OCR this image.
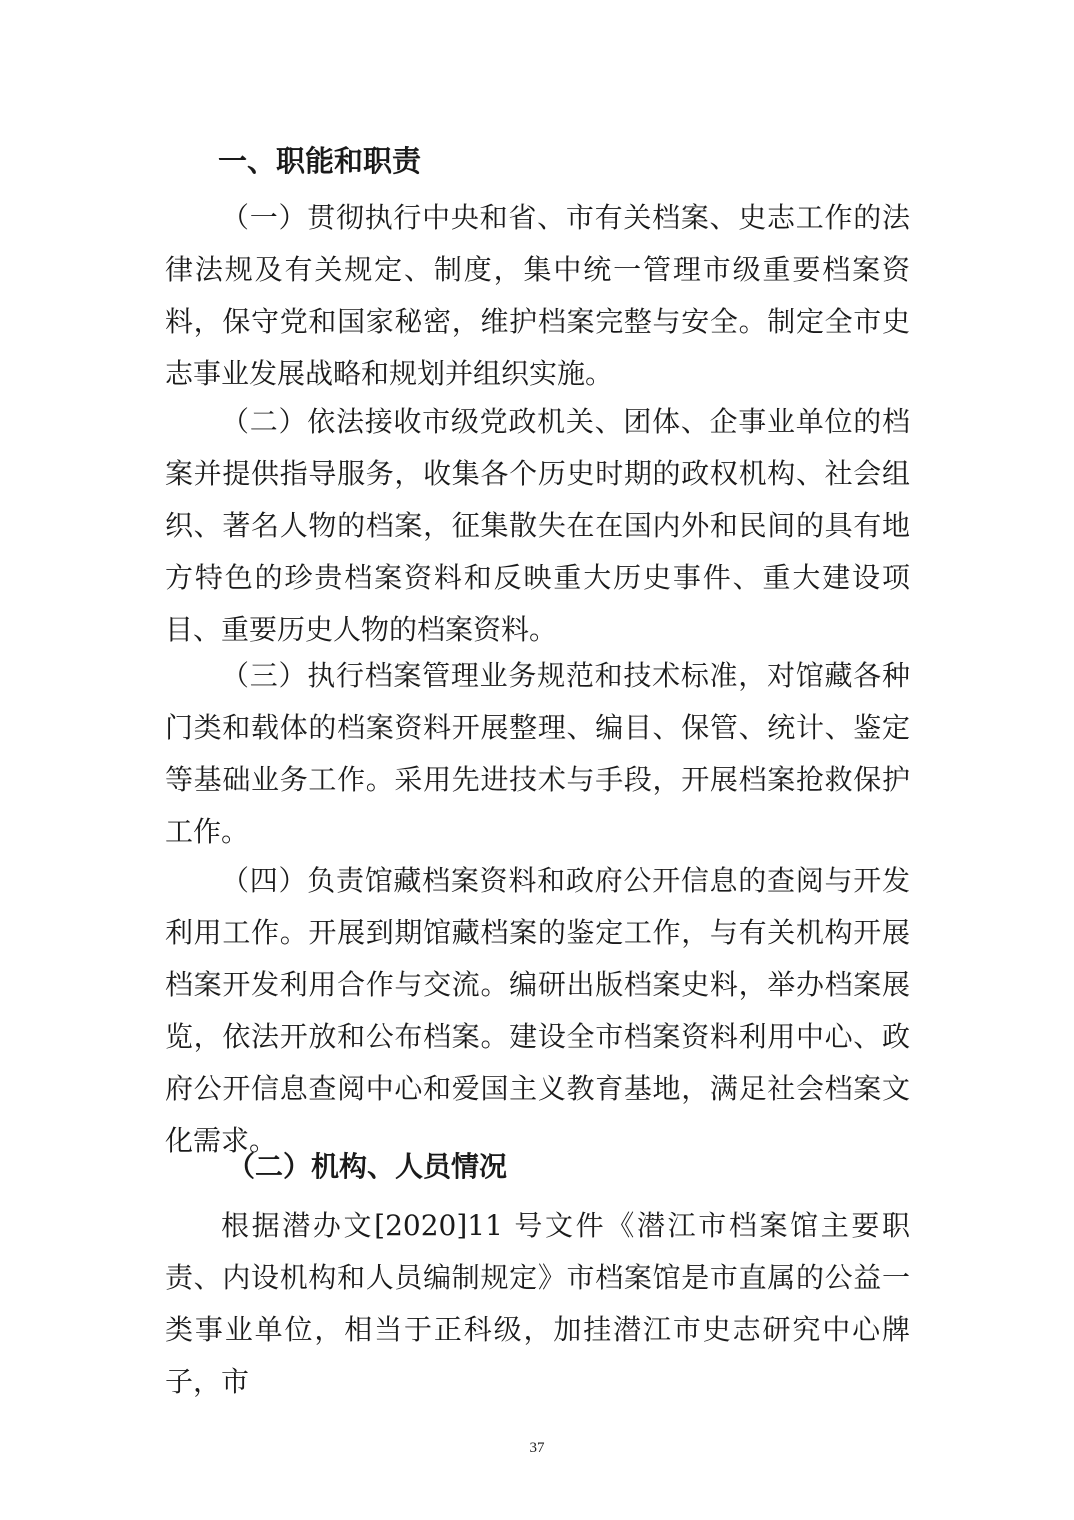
一、职能和职责

（一）贯彻执行中央和省、市有关档案、史志工作的法律法规及有关规定、制度，集中统一管理市级重要档案资料，保守党和国家秘密，维护档案完整与安全。制定全市史志事业发展战略和规划并组织实施。

（二）依法接收市级党政机关、团体、企事业单位的档案并提供指导服务，收集各个历史时期的政权机构、社会组织、著名人物的档案，征集散失在在国内外和民间的具有地方特色的珍贵档案资料和反映重大历史事件、重大建设项目、重要历史人物的档案资料。

（三）执行档案管理业务规范和技术标准，对馆藏各种门类和载体的档案资料开展整理、编目、保管、统计、鉴定等基础业务工作。采用先进技术与手段，开展档案抢救保护工作。

（四）负责馆藏档案资料和政府公开信息的查阅与开发利用工作。开展到期馆藏档案的鉴定工作，与有关机构开展档案开发利用合作与交流。编研出版档案史料，举办档案展览，依法开放和公布档案。建设全市档案资料利用中心、政府公开信息查阅中心和爱国主义教育基地，满足社会档案文化需求。

（二）机构、人员情况

根据潜办文[2020]11 号文件《潜江市档案馆主要职责、内设机构和人员编制规定》市档案馆是市直属的公益一类事业单位，相当于正科级，加挂潜江市史志研究中心牌子，市

37
